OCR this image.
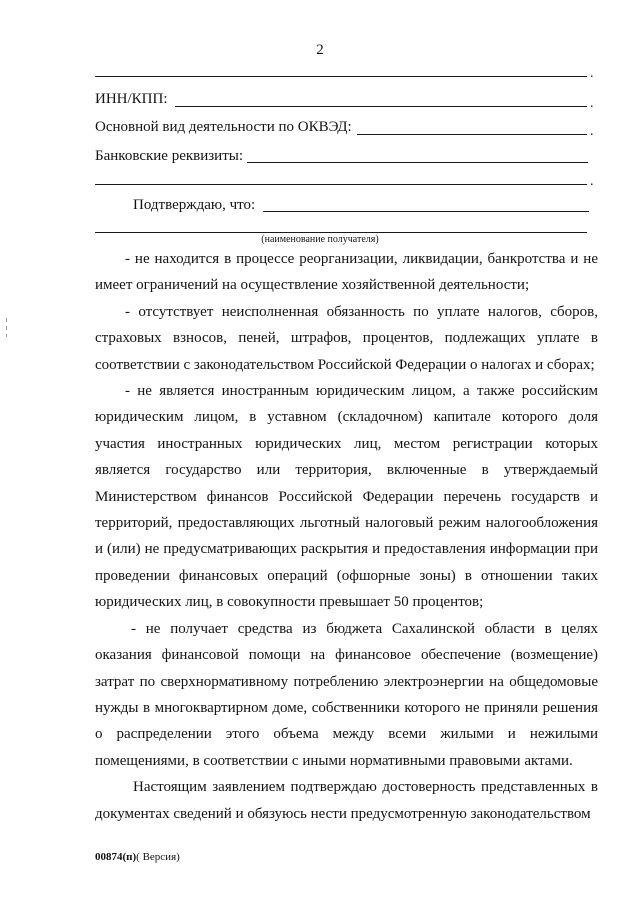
2
.
ИНН/КПП:	.
Основной вид деятельности по ОКВЭД:	.
Банковские реквизиты:
.
Подтверждаю, что:
(наименование получателя)

- не находится в процессе реорганизации, ликвидации, банкротства и не имеет ограничений на осуществление хозяйственной деятельности;

- отсутствует неисполненная обязанность по уплате налогов, сборов, страховых взносов, пеней, штрафов, процентов, подлежащих уплате в соответствии с законодательством Российской Федерации о налогах и сборах;

- не является иностранным юридическим лицом, а также российским юридическим лицом, в уставном (складочном) капитале которого доля участия иностранных юридических лиц, местом регистрации которых является государство или территория, включенные в утверждаемый Министерством финансов Российской Федерации перечень государств и территорий, предоставляющих льготный налоговый режим налогообложения и (или) не предусматривающих раскрытия и предоставления информации при проведении финансовых операций (офшорные зоны) в отношении таких юридических лиц, в совокупности превышает 50 процентов;

- не получает средства из бюджета Сахалинской области в целях оказания финансовой помощи на финансовое обеспечение (возмещение) затрат по сверхнормативному потреблению электроэнергии на общедомовые нужды в многоквартирном доме, собственники которого не приняли решения о распределении этого объема между всеми жилыми и нежилыми помещениями, в соответствии с иными нормативными правовыми актами.

Настоящим заявлением подтверждаю достоверность представленных в документах сведений и обязуюсь нести предусмотренную законодательством

00874(п)( Версия)
